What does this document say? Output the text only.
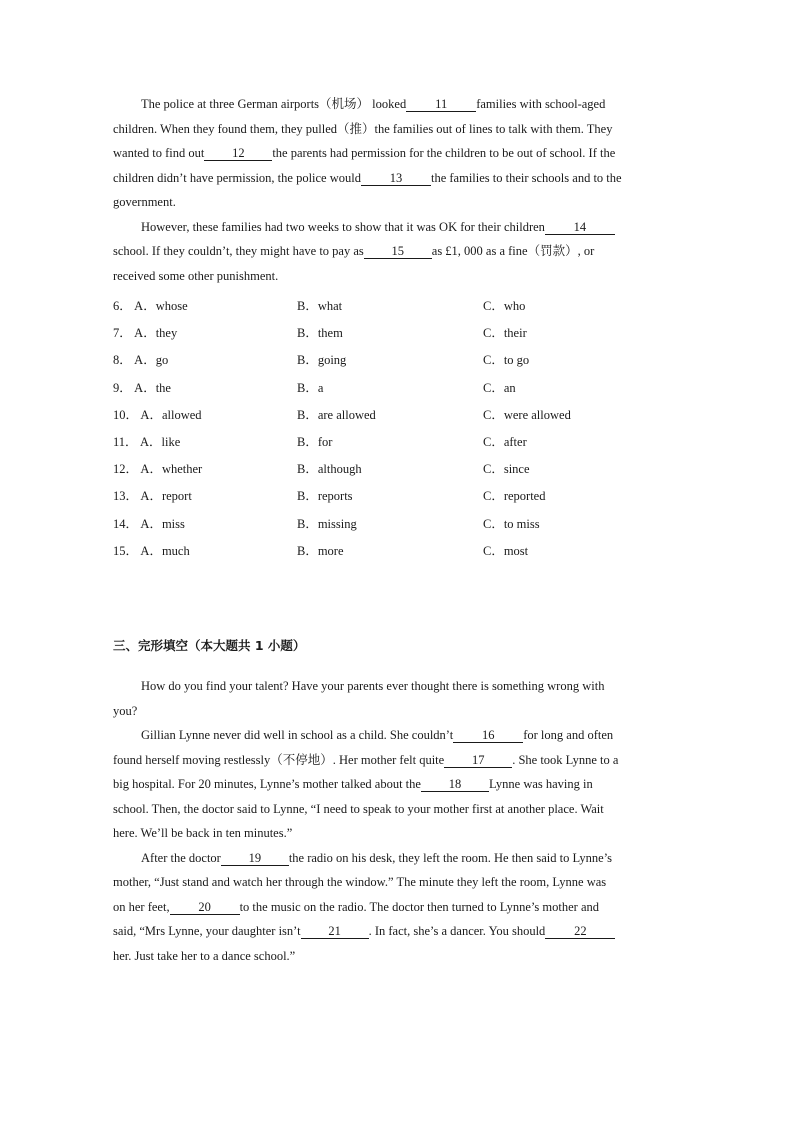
The police at three German airports（机场） looked 11 families with school-aged
children. When they found them, they pulled（推）the families out of lines to talk with them. They
wanted to find out 12 the parents had permission for the children to be out of school. If the
children didn’t have permission, the police would 13 the families to their schools and to the
government.
However, these families had two weeks to show that it was OK for their children 14
school. If they couldn’t, they might have to pay as 15 as £1, 000 as a fine（罚款）, or
received some other punishment.
6． A．whose	B．what	C．who
7． A．they	B．them	C．their
8． A．go	B．going	C．to go
9． A．the	B．a	C．an
10． A．allowed	B．are allowed	C．were allowed
11． A．like	B．for	C．after
12． A．whether	B．although	C．since
13． A．report	B．reports	C．reported
14． A．miss	B．missing	C．to miss
15． A．much	B．more	C．most
三、完形填空（本大题共 1 小题）
How do you find your talent? Have your parents ever thought there is something wrong with
you?
Gillian Lynne never did well in school as a child. She couldn’t 16 for long and often
found herself moving restlessly（不停地）. Her mother felt quite 17 . She took Lynne to a
big hospital. For 20 minutes, Lynne’s mother talked about the 18 Lynne was having in
school. Then, the doctor said to Lynne, “I need to speak to your mother first at another place. Wait
here. We’ll be back in ten minutes.”
After the doctor 19 the radio on his desk, they left the room. He then said to Lynne’s
mother, “Just stand and watch her through the window.” The minute they left the room, Lynne was
on her feet, 20 to the music on the radio. The doctor then turned to Lynne’s mother and
said, “Mrs Lynne, your daughter isn’t 21 . In fact, she’s a dancer. You should 22
her. Just take her to a dance school.”
